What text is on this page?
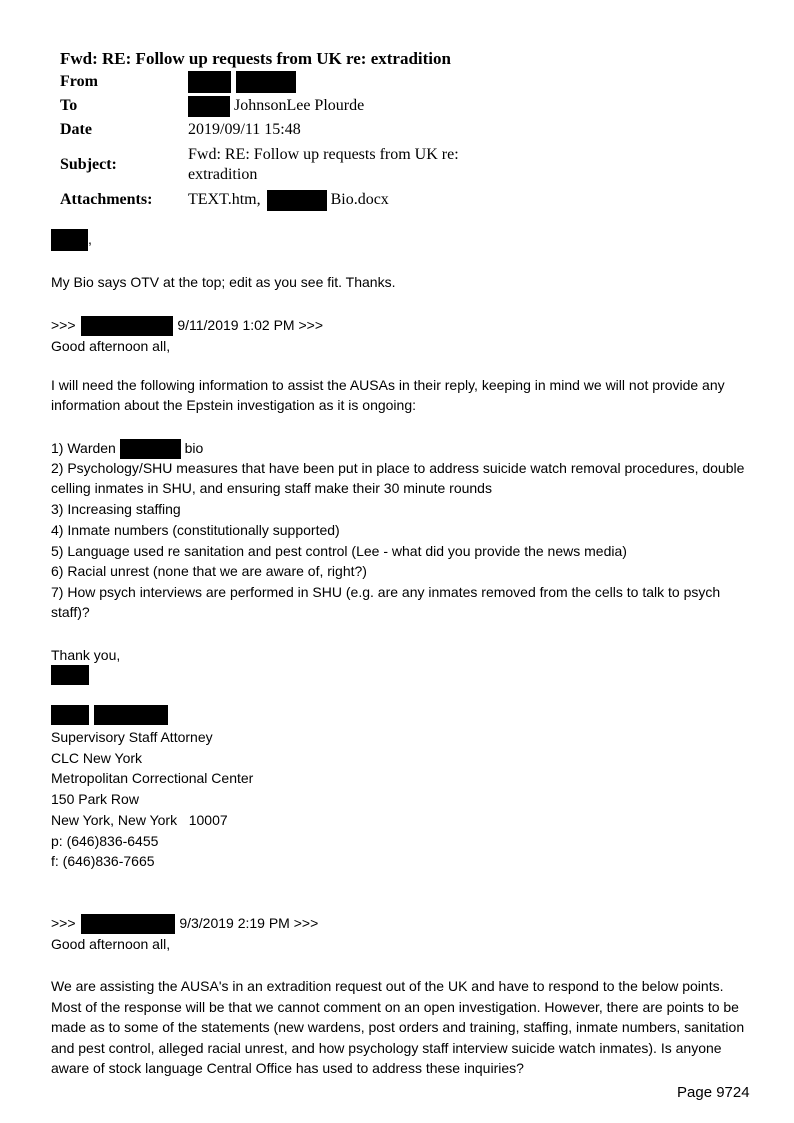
Fwd: RE: Follow up requests from UK re: extradition
From	
To	JohnsonLee Plourde
Date	2019/09/11 15:48
Subject:	Fwd: RE: Follow up requests from UK re: extradition

Attachments:	TEXT.htm, Bio.docx
,
My Bio says OTV at the top; edit as you see fit. Thanks.
>>>	9/11/2019 1:02 PM >>>
Good afternoon all,
I will need the following information to assist the AUSAs in their reply, keeping in mind we will not provide any information about the Epstein investigation as it is ongoing:
1) Warden	bio
2) Psychology/SHU measures that have been put in place to address suicide watch removal procedures, double celling inmates in SHU, and ensuring staff make their 30 minute rounds
3) Increasing staffing
4) Inmate numbers (constitutionally supported)
5) Language used re sanitation and pest control (Lee - what did you provide the news media)
6) Racial unrest (none that we are aware of, right?)
7) How psych interviews are performed in SHU (e.g. are any inmates removed from the cells to talk to psych staff)?
Thank you,

Supervisory Staff Attorney
CLC New York
Metropolitan Correctional Center
150 Park Row
New York, New York   10007
p: (646)836-6455
f: (646)836-7665
>>>	9/3/2019 2:19 PM >>>
Good afternoon all,
We are assisting the AUSA's in an extradition request out of the UK and have to respond to the below points. Most of the response will be that we cannot comment on an open investigation. However, there are points to be made as to some of the statements (new wardens, post orders and training, staffing, inmate numbers, sanitation and pest control, alleged racial unrest, and how psychology staff interview suicide watch inmates). Is anyone aware of stock language Central Office has used to address these inquiries?
Page 9724
